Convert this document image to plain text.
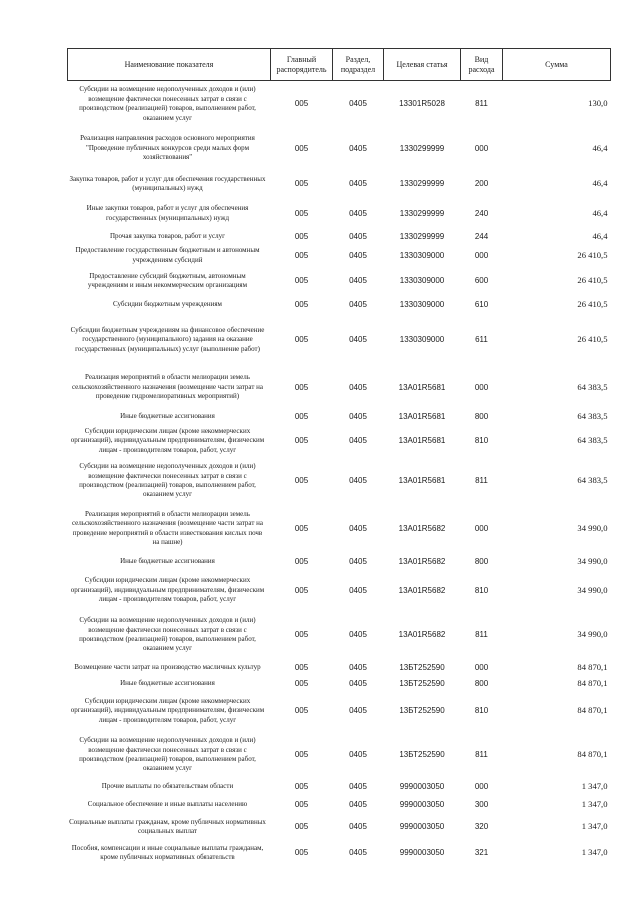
Наименование показателя	Главный распорядитель	Раздел, подраздел	Целевая статья	Вид расхода	Сумма
Субсидии на возмещение недополученных доходов и (или) возмещение фактически понесенных затрат в связи с производством (реализацией) товаров, выполнением работ, оказанием услуг	005	0405	13301R5028	811	130,0
Реализация направления расходов основного мероприятия "Проведение публичных конкурсов среди малых форм хозяйствования"	005	0405	1330299999	000	46,4
Закупка товаров, работ и услуг для обеспечения государственных (муниципальных) нужд	005	0405	1330299999	200	46,4
Иные закупки товаров, работ и услуг для обеспечения государственных (муниципальных) нужд	005	0405	1330299999	240	46,4
Прочая закупка товаров, работ и услуг	005	0405	1330299999	244	46,4
Предоставление государственным бюджетным и автономным учреждениям субсидий	005	0405	1330309000	000	26 410,5
Предоставление субсидий бюджетным, автономным учреждениям и иным некоммерческим организациям	005	0405	1330309000	600	26 410,5
Субсидии бюджетным учреждениям	005	0405	1330309000	610	26 410,5
Субсидии бюджетным учреждениям на финансовое обеспечение государственного (муниципального) задания на оказание государственных (муниципальных) услуг (выполнение работ)	005	0405	1330309000	611	26 410,5
Реализация мероприятий в области мелиорации земель сельскохозяйственного назначения (возмещение части затрат на проведение гидромелиоративных мероприятий)	005	0405	13А01R5681	000	64 383,5
Иные бюджетные ассигнования	005	0405	13А01R5681	800	64 383,5
Субсидии юридическим лицам (кроме некоммерческих организаций), индивидуальным предпринимателям, физическим лицам - производителям товаров, работ, услуг	005	0405	13А01R5681	810	64 383,5
Субсидии на возмещение недополученных доходов и (или) возмещение фактически понесенных затрат в связи с производством (реализацией) товаров, выполнением работ, оказанием услуг	005	0405	13А01R5681	811	64 383,5
Реализация мероприятий в области мелиорации земель сельскохозяйственного назначения (возмещение части затрат на проведение мероприятий в области известкования кислых почв на пашне)	005	0405	13А01R5682	000	34 990,0
Иные бюджетные ассигнования	005	0405	13А01R5682	800	34 990,0
Субсидии юридическим лицам (кроме некоммерческих организаций), индивидуальным предпринимателям, физическим лицам - производителям товаров, работ, услуг	005	0405	13А01R5682	810	34 990,0
Субсидии на возмещение недополученных доходов и (или) возмещение фактически понесенных затрат в связи с производством (реализацией) товаров, выполнением работ, оказанием услуг	005	0405	13А01R5682	811	34 990,0
Возмещение части затрат на производство масличных культур	005	0405	13БТ252590	000	84 870,1
Иные бюджетные ассигнования	005	0405	13БТ252590	800	84 870,1
Субсидии юридическим лицам (кроме некоммерческих организаций), индивидуальным предпринимателям, физическим лицам - производителям товаров, работ, услуг	005	0405	13БТ252590	810	84 870,1
Субсидии на возмещение недополученных доходов и (или) возмещение фактически понесенных затрат в связи с производством (реализацией) товаров, выполнением работ, оказанием услуг	005	0405	13БТ252590	811	84 870,1
Прочие выплаты по обязательствам области	005	0405	9990003050	000	1 347,0
Социальное обеспечение и иные выплаты населению	005	0405	9990003050	300	1 347,0
Социальные выплаты гражданам, кроме публичных нормативных социальных выплат	005	0405	9990003050	320	1 347,0
Пособия, компенсации и иные социальные выплаты гражданам, кроме публичных нормативных обязательств	005	0405	9990003050	321	1 347,0
